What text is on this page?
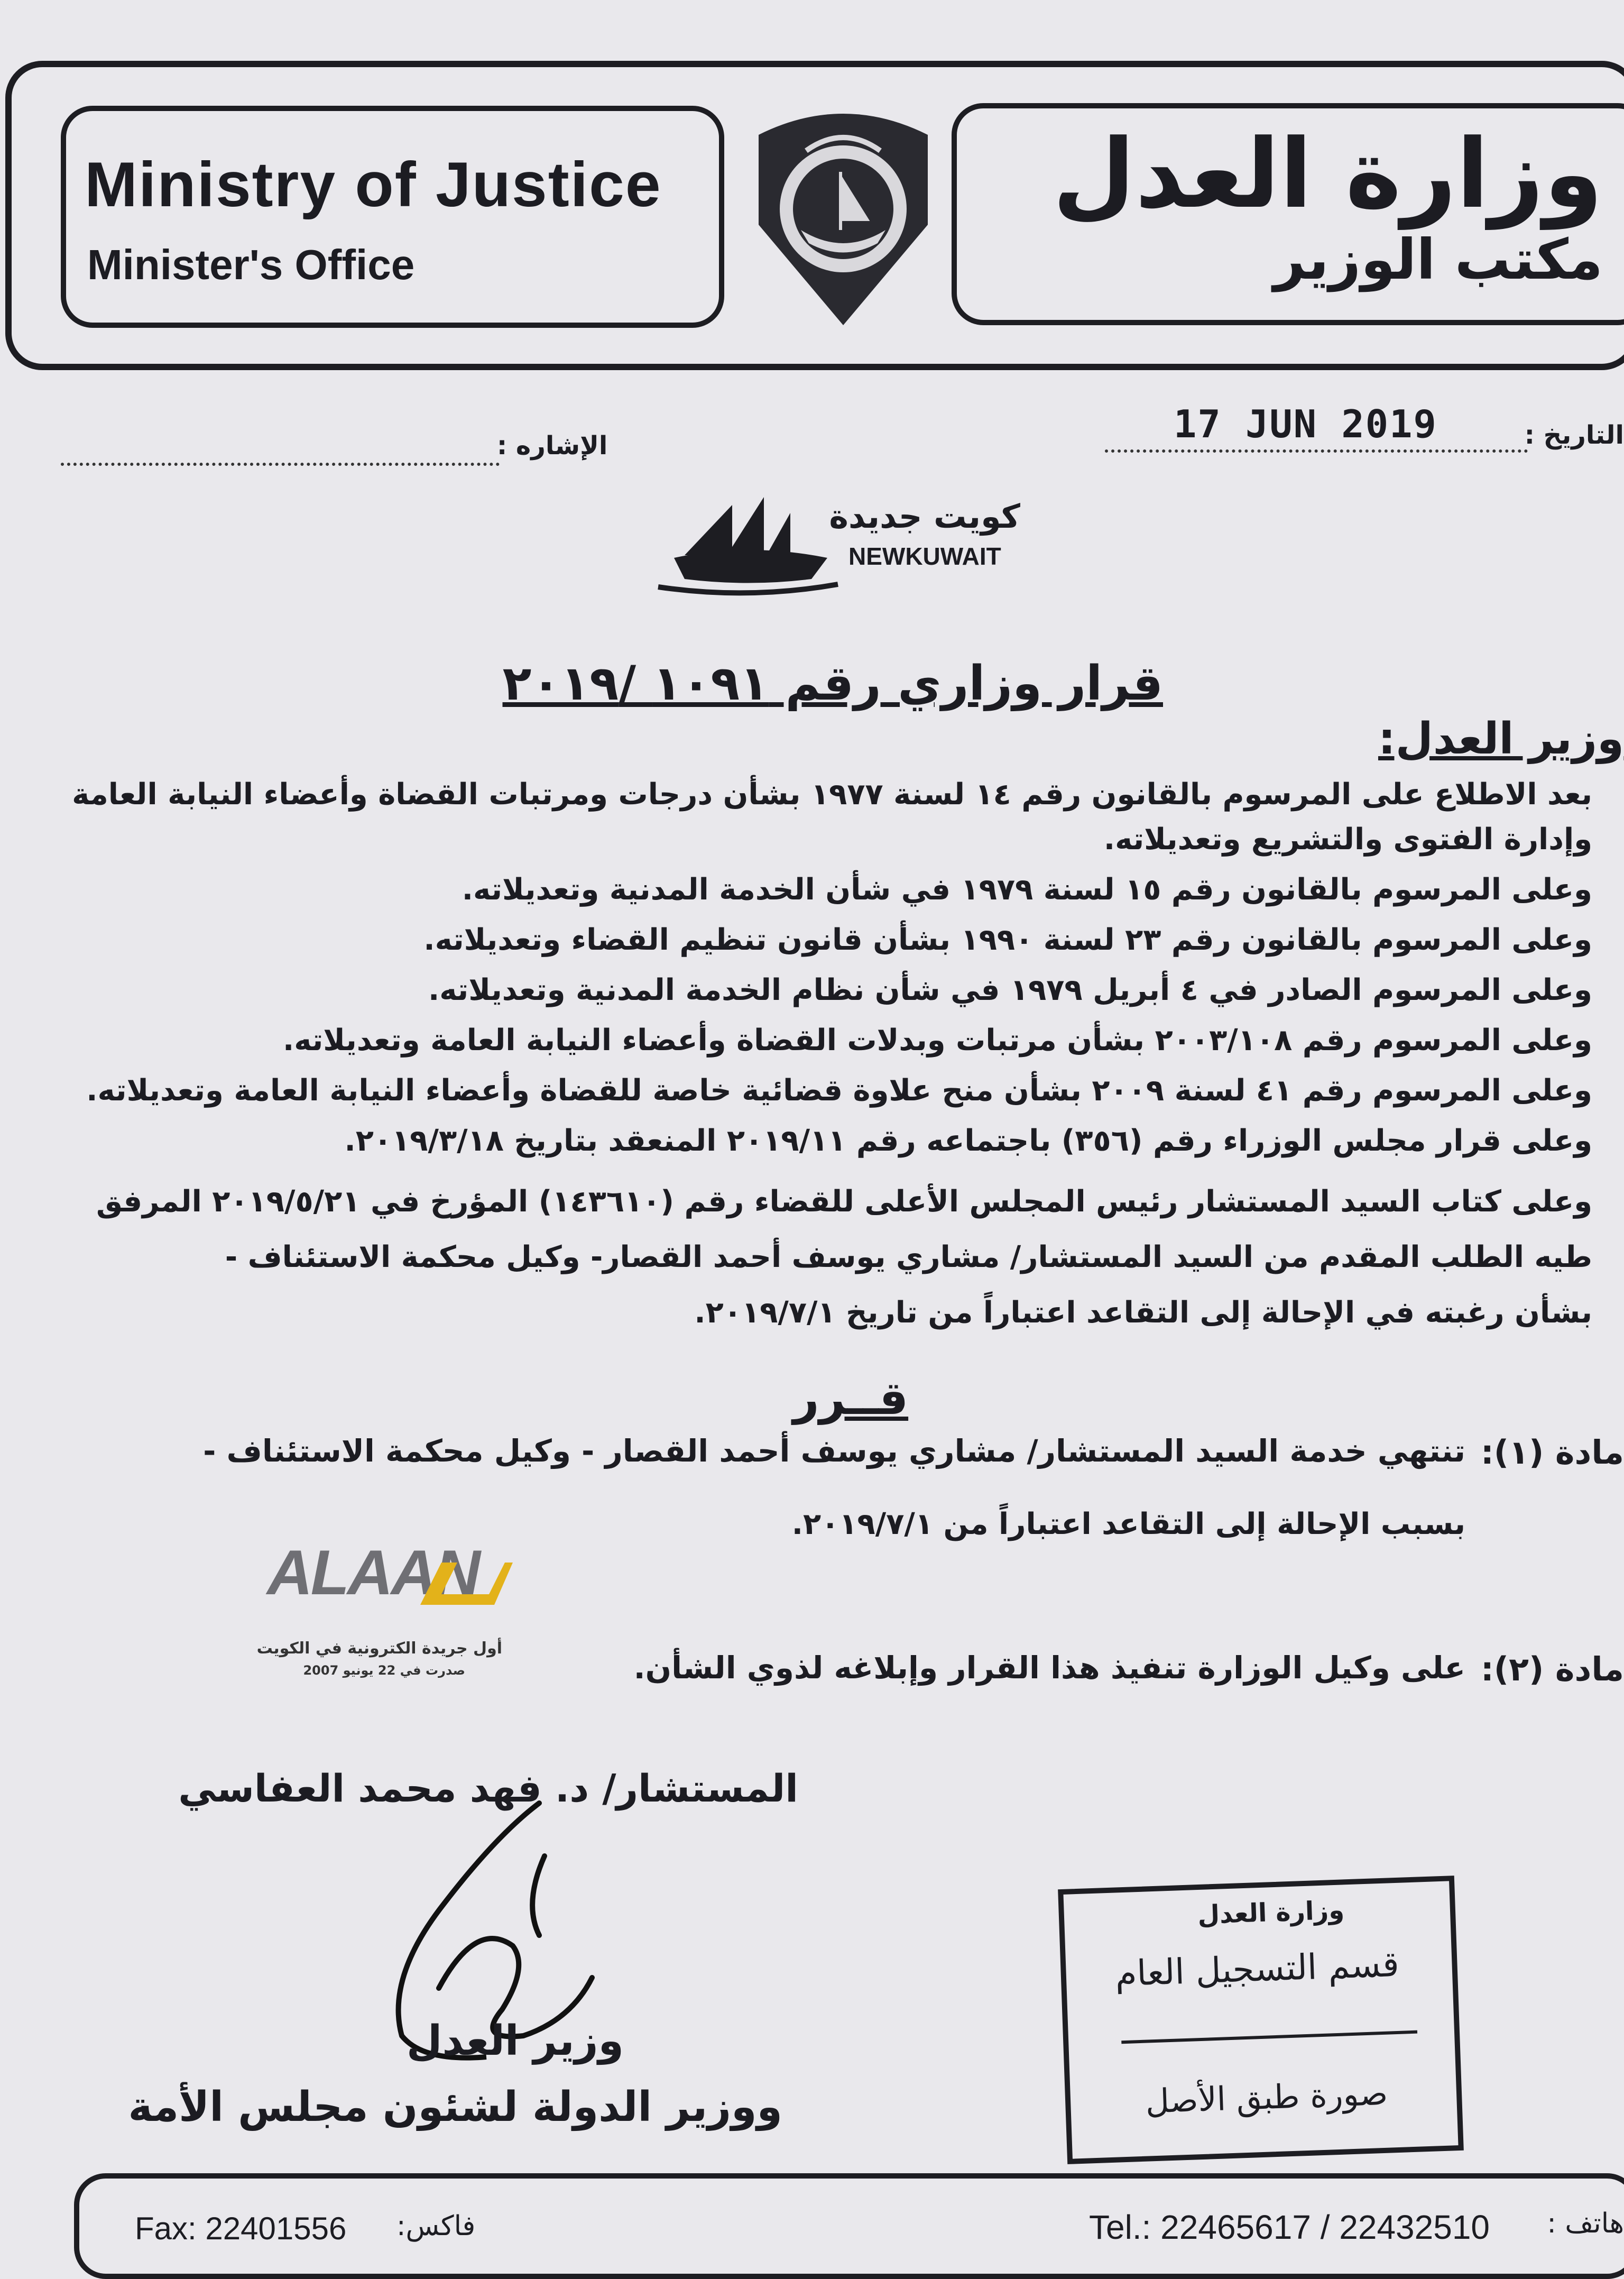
Ministry of Justice
Minister's Office
وزارة العدل
مكتب الوزير
التاريخ :
17 JUN 2019
الإشاره :
كويت جديدة
NEWKUWAIT
قرار وزاري رقم ١٠٩١ /٢٠١٩
وزير العدل:
بعد الاطلاع على المرسوم بالقانون رقم ١٤ لسنة ١٩٧٧ بشأن درجات ومرتبات القضاة وأعضاء النيابة العامة
وإدارة الفتوى والتشريع وتعديلاته.
وعلى المرسوم بالقانون رقم ١٥ لسنة ١٩٧٩ في شأن الخدمة المدنية وتعديلاته.
وعلى المرسوم بالقانون رقم ٢٣ لسنة ١٩٩٠ بشأن قانون تنظيم القضاء وتعديلاته.
وعلى المرسوم الصادر في ٤ أبريل ١٩٧٩ في شأن نظام الخدمة المدنية وتعديلاته.
وعلى المرسوم رقم ٢٠٠٣/١٠٨ بشأن مرتبات وبدلات القضاة وأعضاء النيابة العامة وتعديلاته.
وعلى المرسوم رقم ٤١ لسنة ٢٠٠٩ بشأن منح علاوة قضائية خاصة للقضاة وأعضاء النيابة العامة وتعديلاته.
وعلى قرار مجلس الوزراء رقم (٣٥٦) باجتماعه رقم ٢٠١٩/١١ المنعقد بتاريخ ٢٠١٩/٣/١٨.
وعلى كتاب السيد المستشار رئيس المجلس الأعلى للقضاء رقم (١٤٣٦١٠) المؤرخ في ٢٠١٩/٥/٢١ المرفق
طيه الطلب المقدم من السيد المستشار/ مشاري يوسف أحمد القصار- وكيل محكمة الاستئناف -
بشأن رغبته في الإحالة إلى التقاعد اعتباراً من تاريخ ٢٠١٩/٧/١.
قــرر
مادة (١):
تنتهي خدمة السيد المستشار/ مشاري يوسف أحمد القصار - وكيل محكمة الاستئناف -
بسبب الإحالة إلى التقاعد اعتباراً من ٢٠١٩/٧/١.
مادة (٢):
على وكيل الوزارة تنفيذ هذا القرار وإبلاغه لذوي الشأن.
ALAAN
أول جريدة الكترونية في الكويت
صدرت في 22 يونيو 2007
المستشار/ د. فهد محمد العفاسي
وزير العدل
ووزير الدولة لشئون مجلس الأمة
وزارة العدل
قسم التسجيل العام
صورة طبق الأصل
Fax: 22401556 فاكس:	Tel.: 22465617 / 22432510 هاتف :
